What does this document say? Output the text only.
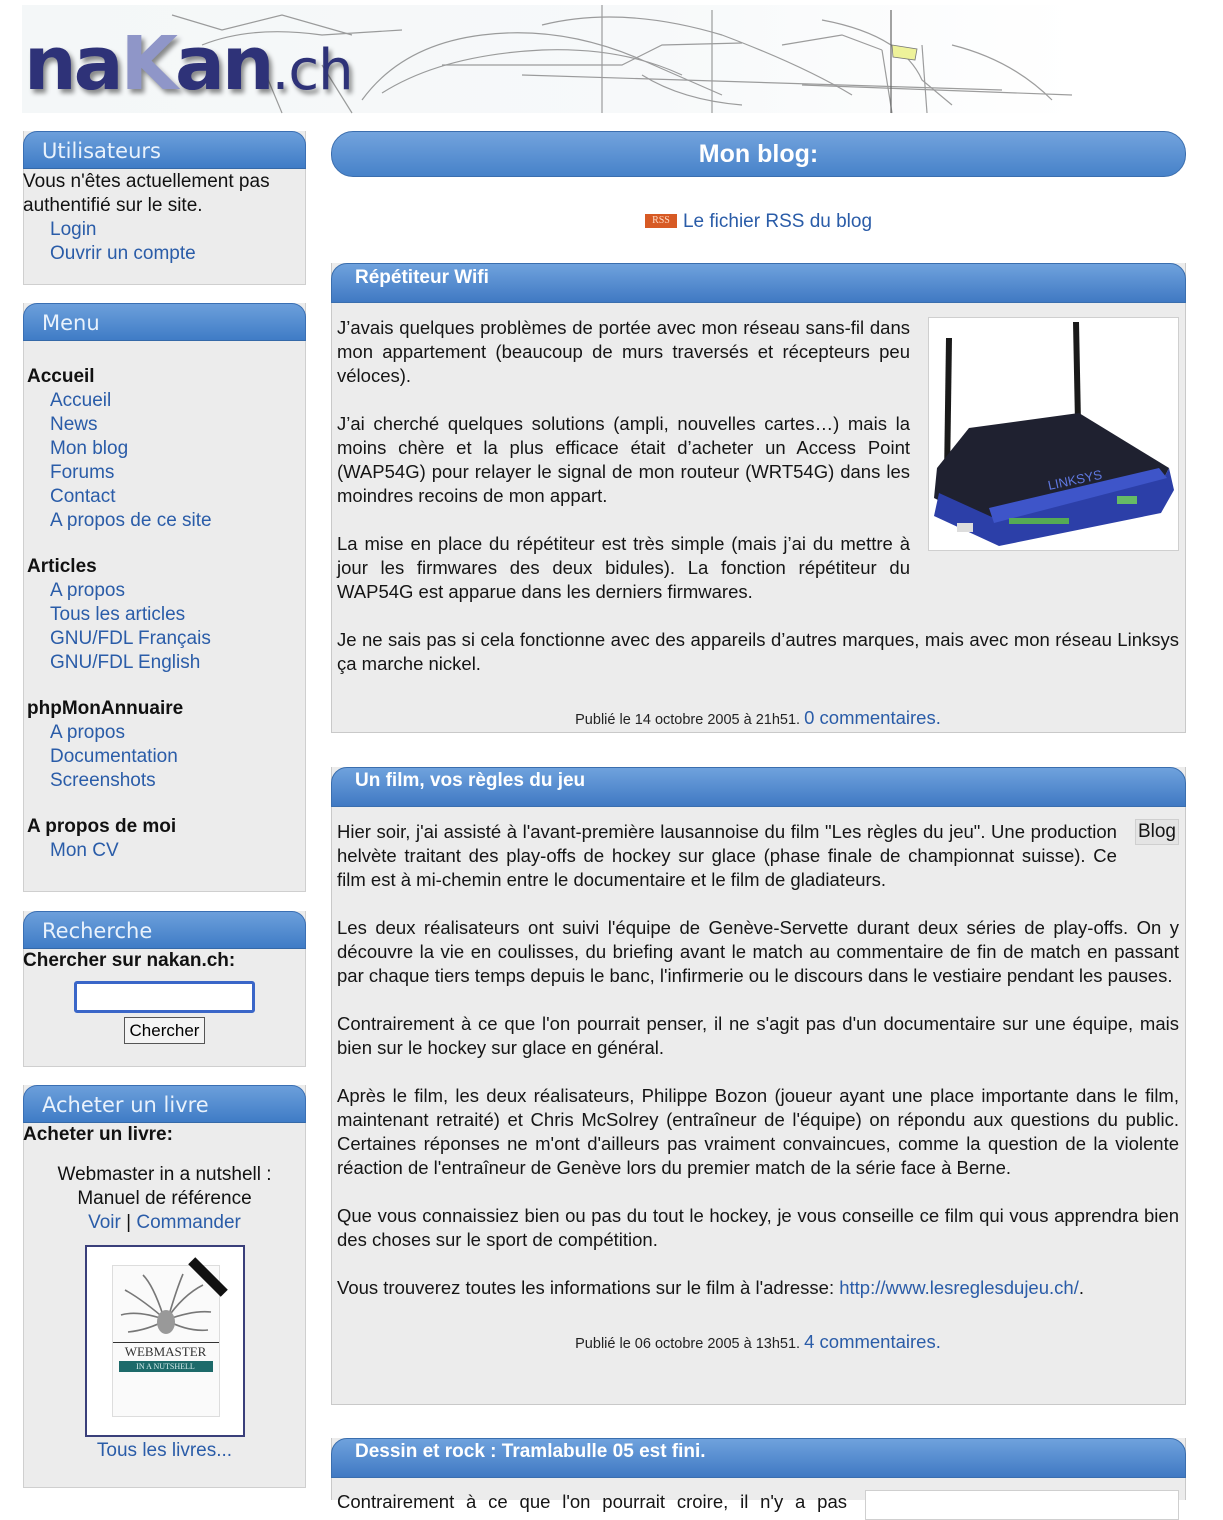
naKan.ch
Utilisateurs
Vous n'êtes actuellement pas authentifié sur le site.
Login
Ouvrir un compte
Menu
Accueil
Accueil
News
Mon blog
Forums
Contact
A propos de ce site
Articles
A propos
Tous les articles
GNU/FDL Français
GNU/FDL English
phpMonAnnuaire
A propos
Documentation
Screenshots
A propos de moi
Mon CV
Recherche
Chercher sur nakan.ch:
Chercher
Acheter un livre
Acheter un livre:
Webmaster in a nutshell :
Manuel de référence
Voir | Commander
WEBMASTER
IN A NUTSHELL
Tous les livres...
Mon blog:
RSS Le fichier RSS du blog
Répétiteur Wifi
LINKSYS

J’avais quelques problèmes de portée avec mon réseau sans-fil dans mon appartement (beaucoup de murs traversés et récepteurs peu véloces).

J’ai cherché quelques solutions (ampli, nouvelles cartes…) mais la moins chère et la plus efficace était d’acheter un Access Point (WAP54G) pour relayer le signal de mon routeur (WRT54G) dans les moindres recoins de mon appart.

La mise en place du répétiteur est très simple (mais j’ai du mettre à jour les firmwares des deux bidules). La fonction répétiteur du WAP54G est apparue dans les derniers firmwares.

Je ne sais pas si cela fonctionne avec des appareils d’autres marques, mais avec mon réseau Linksys ça marche nickel.

Publié le 14 octobre 2005 à 21h51. 0 commentaires.
Un film, vos règles du jeu
Blog

Hier soir, j'ai assisté à l'avant-première lausannoise du film "Les règles du jeu". Une production helvète traitant des play-offs de hockey sur glace (phase finale de championnat suisse). Ce film est à mi-chemin entre le documentaire et le film de gladiateurs.

Les deux réalisateurs ont suivi l'équipe de Genève-Servette durant deux séries de play-offs. On y découvre la vie en coulisses, du briefing avant le match au commentaire de fin de match en passant par chaque tiers temps depuis le banc, l'infirmerie ou le discours dans le vestiaire pendant les pauses.

Contrairement à ce que l'on pourrait penser, il ne s'agit pas d'un documentaire sur une équipe, mais bien sur le hockey sur glace en général.

Après le film, les deux réalisateurs, Philippe Bozon (joueur ayant une place importante dans le film, maintenant retraité) et Chris McSolrey (entraîneur de l'équipe) on répondu aux questions du public. Certaines réponses ne m'ont d'ailleurs pas vraiment convaincues, comme la question de la violente réaction de l'entraîneur de Genève lors du premier match de la série face à Berne.

Que vous connaissiez bien ou pas du tout le hockey, je vous conseille ce film qui vous apprendra bien des choses sur le sport de compétition.

Vous trouverez toutes les informations sur le film à l'adresse: http://www.lesreglesdujeu.ch/.

Publié le 06 octobre 2005 à 13h51. 4 commentaires.
Dessin et rock : Tramlabulle 05 est fini.

Contrairement à ce que l'on pourrait croire, il n'y a pas
